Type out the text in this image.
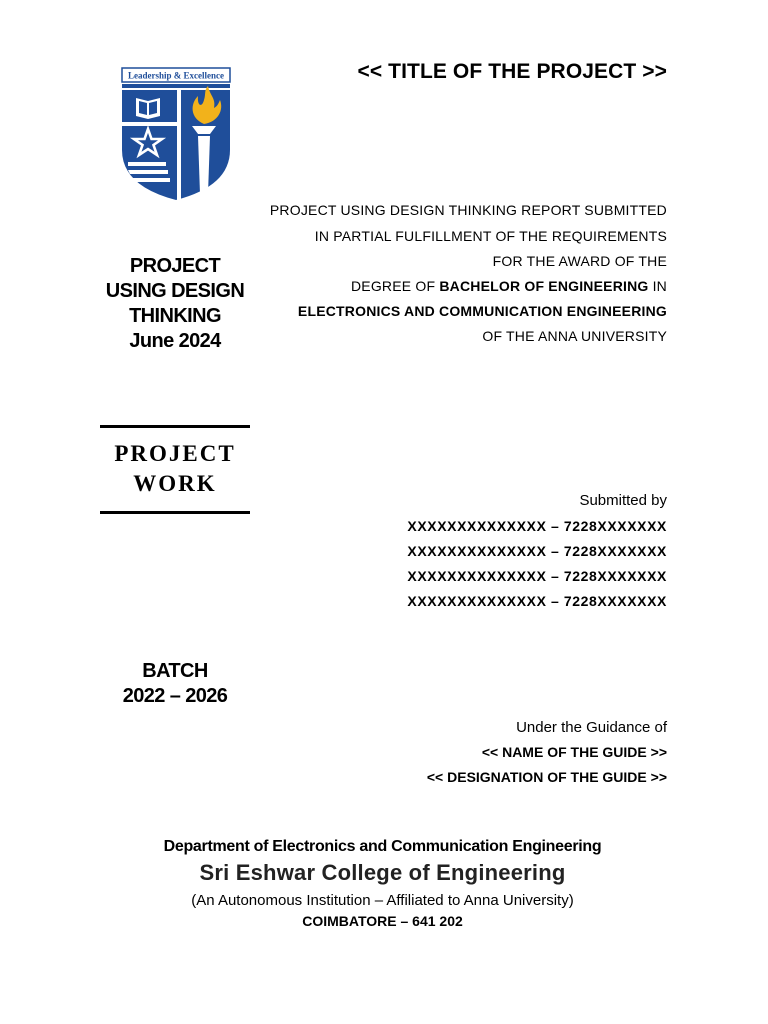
Leadership & Excellence	<< TITLE OF THE PROJECT >>
PROJECT USING DESIGN THINKING REPORT SUBMITTED
IN PARTIAL FULFILLMENT OF THE REQUIREMENTS
FOR THE AWARD OF THE
DEGREE OF BACHELOR OF ENGINEERING IN
ELECTRONICS AND COMMUNICATION ENGINEERING
OF THE ANNA UNIVERSITY
PROJECT
USING DESIGN
THINKING
June 2024
PROJECT
WORK
Submitted by
XXXXXXXXXXXXXX – 7228XXXXXXX
XXXXXXXXXXXXXX – 7228XXXXXXX
XXXXXXXXXXXXXX – 7228XXXXXXX
XXXXXXXXXXXXXX – 7228XXXXXXX
BATCH
2022 – 2026
Under the Guidance of
<< NAME OF THE GUIDE >>
<< DESIGNATION OF THE GUIDE >>
Department of Electronics and Communication Engineering
Sri Eshwar College of Engineering
(An Autonomous Institution – Affiliated to Anna University)
COIMBATORE – 641 202
